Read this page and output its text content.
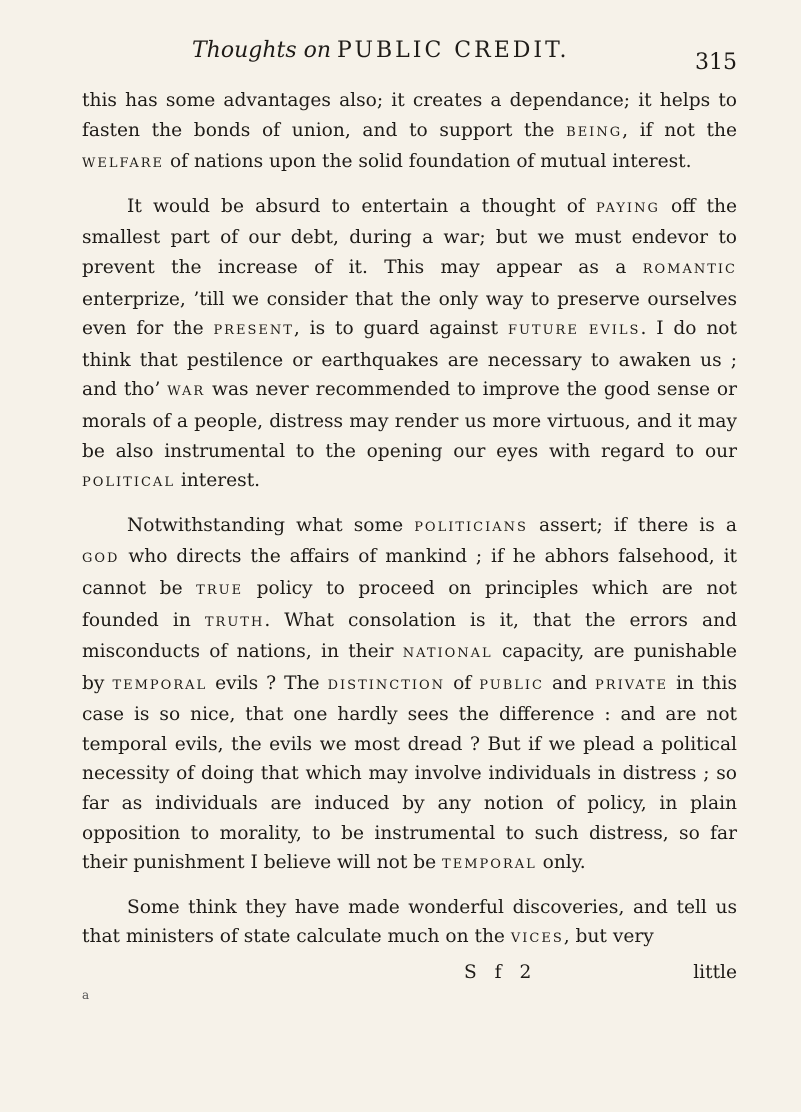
Thoughts on PUBLIC CREDIT.	315

this has some advantages also; it creates a dependance; it helps to fasten the bonds of union, and to support the BEING, if not the WELFARE of nations upon the solid foundation of mutual interest.

It would be absurd to entertain a thought of PAYING off the smallest part of our debt, during a war; but we must endevor to prevent the increase of it. This may appear as a ROMANTIC enterprize, ’till we consider that the only way to preserve ourselves even for the PRESENT, is to guard against FUTURE EVILS. I do not think that pestilence or earthquakes are necessary to awaken us ; and tho’ WAR was never recommended to improve the good sense or morals of a people, distress may render us more virtuous, and it may be also instrumental to the opening our eyes with regard to our POLITICAL interest.

Notwithstanding what some POLITICIANS assert; if there is a GOD who directs the affairs of mankind ; if he abhors falsehood, it cannot be TRUE policy to proceed on principles which are not founded in TRUTH. What consolation is it, that the errors and misconducts of nations, in their NATIONAL capacity, are punishable by TEMPORAL evils ? The DISTINCTION of PUBLIC and PRIVATE in this case is so nice, that one hardly sees the difference : and are not temporal evils, the evils we most dread ? But if we plead a political necessity of doing that which may involve individuals in distress ; so far as individuals are induced by any notion of policy, in plain opposition to morality, to be instrumental to such distress, so far their punishment I believe will not be TEMPORAL only.

Some think they have made wonderful discoveries, and tell us that ministers of state calculate much on the VICES, but very

S f 2	little
a
